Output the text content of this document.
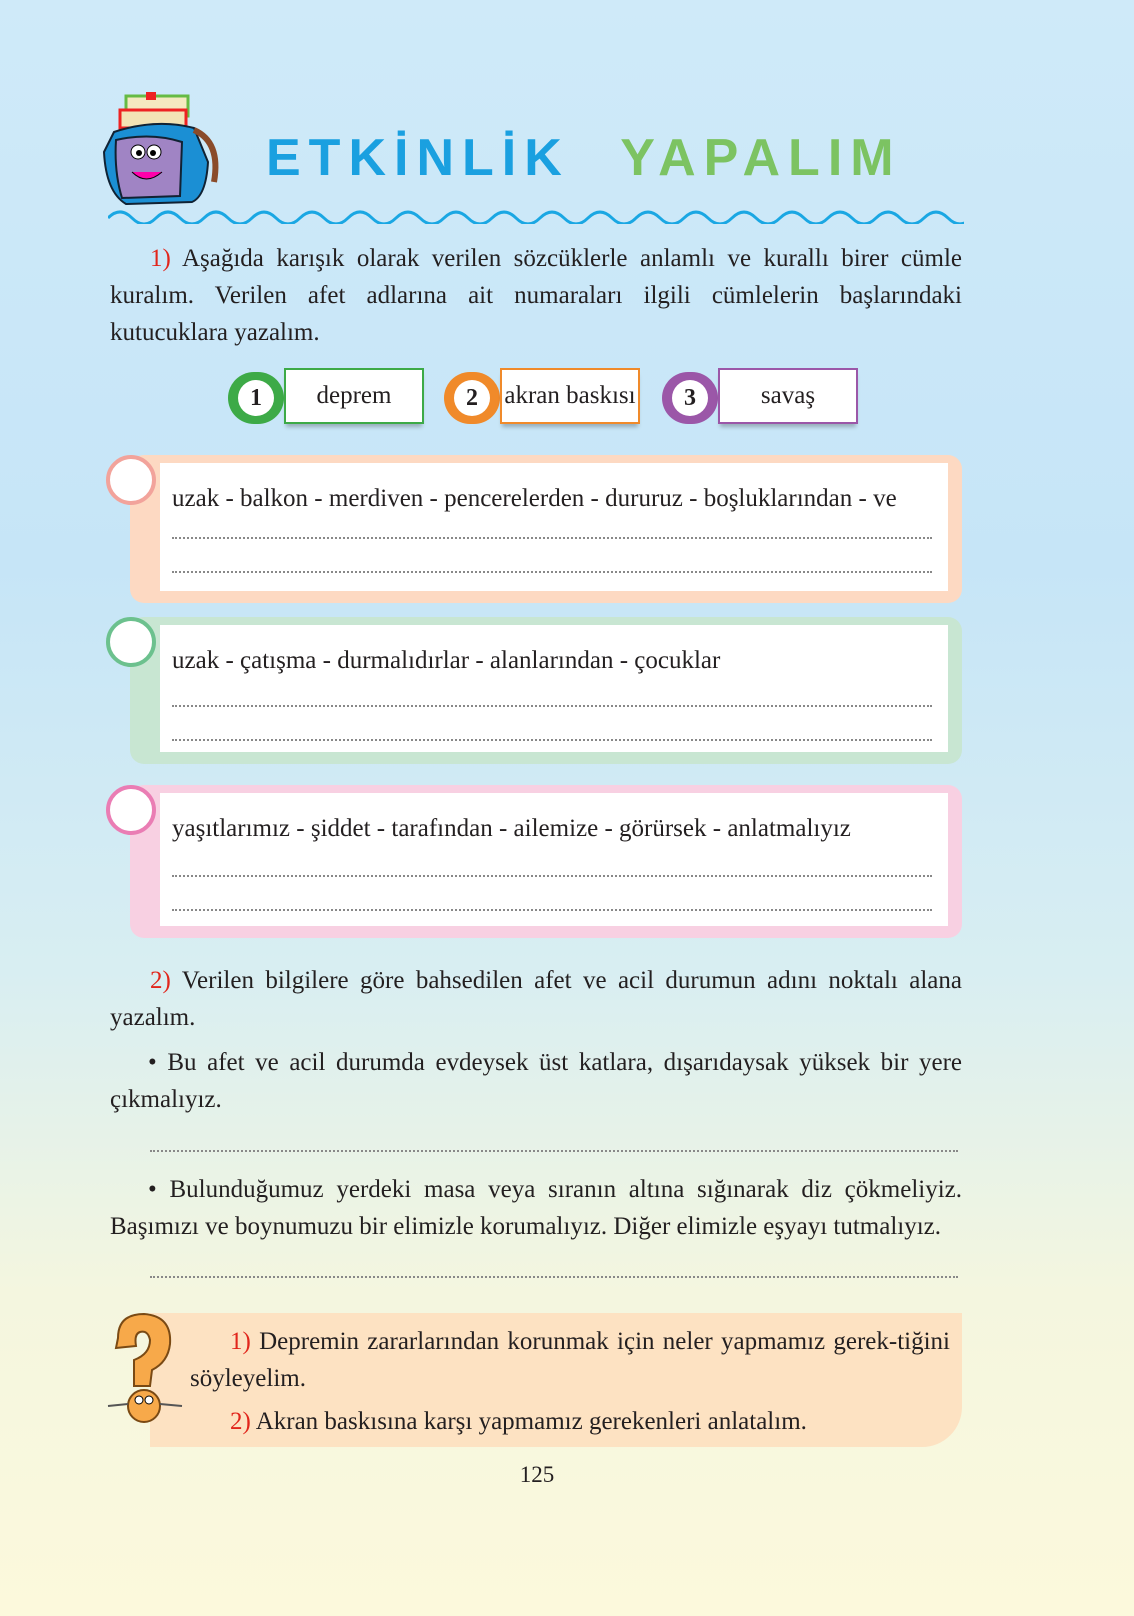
ETKİNLİK YAPALIM
1) Aşağıda karışık olarak verilen sözcüklerle anlamlı ve kurallı birer cümle kuralım. Verilen afet adlarına ait numaraları ilgili cümlelerin başlarındaki kutucuklara yazalım.
1	deprem	2	akran baskısı	3	savaş
uzak - balkon - merdiven - pencerelerden - dururuz - boşluklarından - ve
uzak - çatışma - durmalıdırlar - alanlarından - çocuklar
yaşıtlarımız - şiddet - tarafından - ailemize - görürsek - anlatmalıyız
2) Verilen bilgilere göre bahsedilen afet ve acil durumun adını noktalı alana yazalım.
• Bu afet ve acil durumda evdeysek üst katlara, dışarıdaysak yüksek bir yere çıkmalıyız.
• Bulunduğumuz yerdeki masa veya sıranın altına sığınarak diz çökmeliyiz. Başımızı ve boynumuzu bir elimizle korumalıyız. Diğer elimizle eşyayı tutmalıyız.
1) Depremin zararlarından korunmak için neler yapmamız gerek-tiğini söyleyelim.
2) Akran baskısına karşı yapmamız gerekenleri anlatalım.
125
